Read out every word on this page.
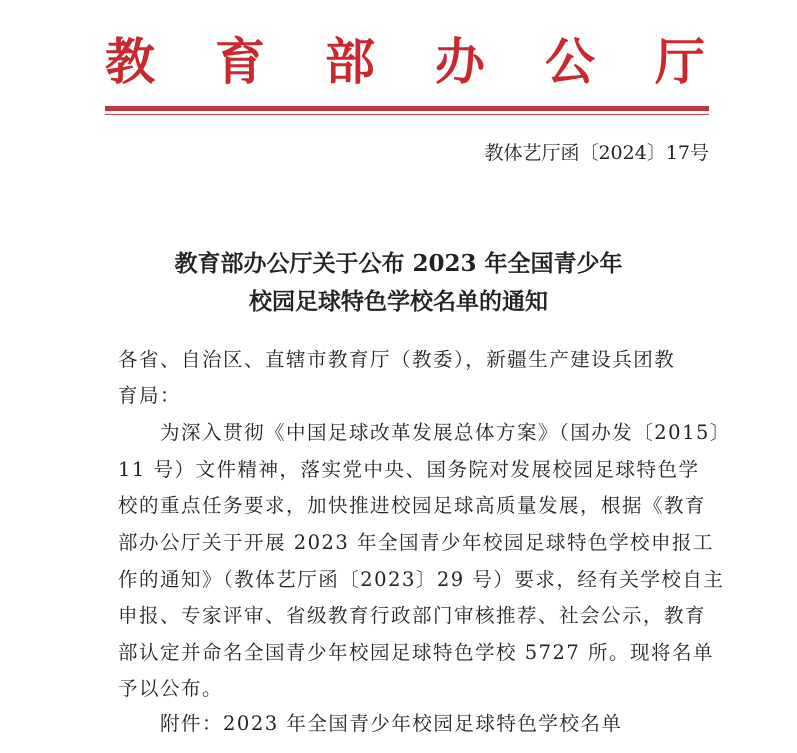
教 育 部 办 公 厅
教体艺厅函〔2024〕17号
教育部办公厅关于公布 2023 年全国青少年
校园足球特色学校名单的通知
各省、自治区、直辖市教育厅（教委），新疆生产建设兵团教
育局：
　　为深入贯彻《中国足球改革发展总体方案》（国办发〔2015〕
11 号）文件精神，落实党中央、国务院对发展校园足球特色学
校的重点任务要求，加快推进校园足球高质量发展，根据《教育
部办公厅关于开展 2023 年全国青少年校园足球特色学校申报工
作的通知》（教体艺厅函〔2023〕29 号）要求，经有关学校自主
申报、专家评审、省级教育行政部门审核推荐、社会公示，教育
部认定并命名全国青少年校园足球特色学校 5727 所。现将名单
予以公布。
　　附件：2023 年全国青少年校园足球特色学校名单
